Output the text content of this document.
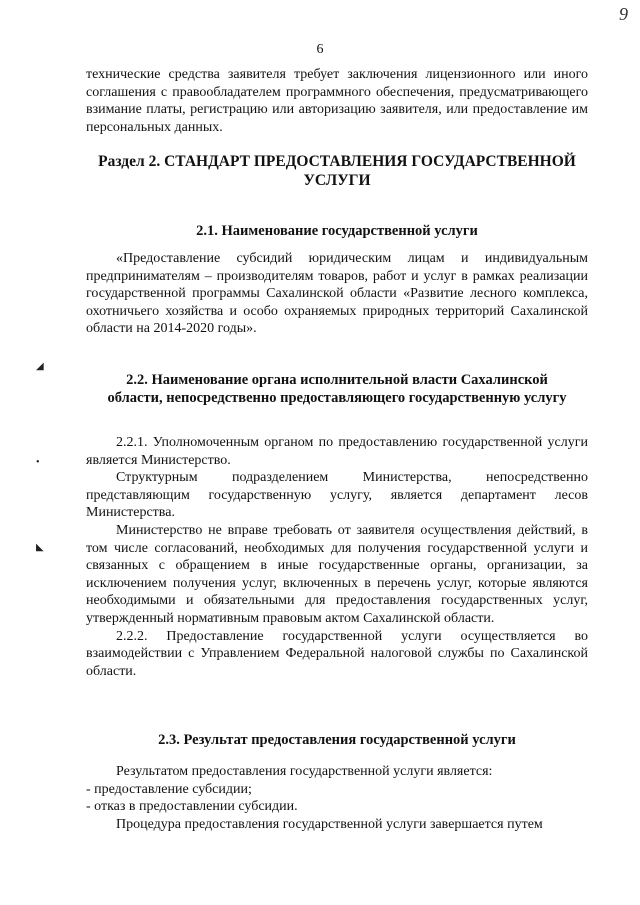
9
6
◢
•
◣

технические средства заявителя требует заключения лицензионного или иного соглашения с правообладателем программного обеспечения, предусматривающего взимание платы, регистрацию или авторизацию заявителя, или предоставление им персональных данных.

Раздел 2. СТАНДАРТ ПРЕДОСТАВЛЕНИЯ ГОСУДАРСТВЕННОЙ УСЛУГИ
2.1. Наименование государственной услуги

«Предоставление субсидий юридическим лицам и индивидуальным предпринимателям – производителям товаров, работ и услуг в рамках реализации государственной программы Сахалинской области «Развитие лесного комплекса, охотничьего хозяйства и особо охраняемых природных территорий Сахалинской области на 2014-2020 годы».

2.2. Наименование органа исполнительной власти Сахалинской области, непосредственно предоставляющего государственную услугу

2.2.1. Уполномоченным органом по предоставлению государственной услуги является Министерство.

Структурным подразделением Министерства, непосредственно представляющим государственную услугу, является департамент лесов Министерства.

Министерство не вправе требовать от заявителя осуществления действий, в том числе согласований, необходимых для получения государственной услуги и связанных с обращением в иные государственные органы, организации, за исключением получения услуг, включенных в перечень услуг, которые являются необходимыми и обязательными для предоставления государственных услуг, утвержденный нормативным правовым актом Сахалинской области.

2.2.2. Предоставление государственной услуги осуществляется во взаимодействии с Управлением Федеральной налоговой службы по Сахалинской области.

2.3. Результат предоставления государственной услуги

Результатом предоставления государственной услуги является:

- предоставление субсидии;

- отказ в предоставлении субсидии.

Процедура предоставления государственной услуги завершается путем
